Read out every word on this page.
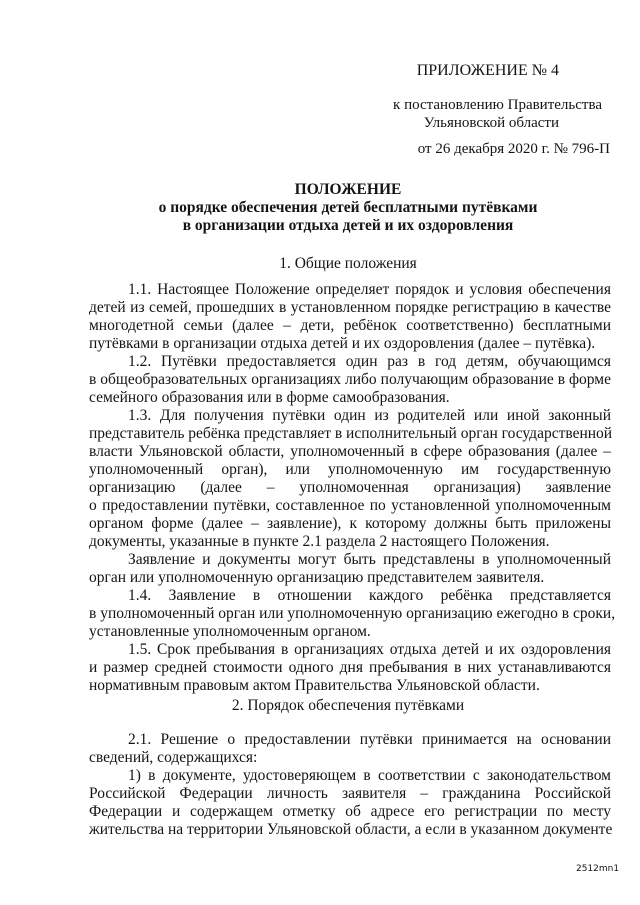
ПРИЛОЖЕНИЕ № 4
к постановлению Правительства
Ульяновской области
от 26 декабря 2020 г. № 796-П
ПОЛОЖЕНИЕ
о порядке обеспечения детей бесплатными путёвками
в организации отдыха детей и их оздоровления
1. Общие положения
1.1. Настоящее Положение определяет порядок и условия обеспечения
детей из семей, прошедших в установленном порядке регистрацию в качестве
многодетной семьи (далее – дети, ребёнок соответственно) бесплатными
путёвками в организации отдыха детей и их оздоровления (далее – путёвка).
1.2. Путёвки предоставляется один раз в год детям, обучающимся
в общеобразовательных организациях либо получающим образование в форме
семейного образования или в форме самообразования.
1.3. Для получения путёвки один из родителей или иной законный
представитель ребёнка представляет в исполнительный орган государственной
власти Ульяновской области, уполномоченный в сфере образования (далее –
уполномоченный орган), или уполномоченную им государственную
организацию (далее – уполномоченная организация) заявление
о предоставлении путёвки, составленное по установленной уполномоченным
органом форме (далее – заявление), к которому должны быть приложены
документы, указанные в пункте 2.1 раздела 2 настоящего Положения.
Заявление и документы могут быть представлены в уполномоченный
орган или уполномоченную организацию представителем заявителя.
1.4. Заявление в отношении каждого ребёнка представляется
в уполномоченный орган или уполномоченную организацию ежегодно в сроки,
установленные уполномоченным органом.
1.5. Срок пребывания в организациях отдыха детей и их оздоровления
и размер средней стоимости одного дня пребывания в них устанавливаются
нормативным правовым актом Правительства Ульяновской области.
2. Порядок обеспечения путёвками
2.1. Решение о предоставлении путёвки принимается на основании
сведений, содержащихся:
1) в документе, удостоверяющем в соответствии с законодательством
Российской Федерации личность заявителя – гражданина Российской
Федерации и содержащем отметку об адресе его регистрации по месту
жительства на территории Ульяновской области, а если в указанном документе
2512mn1
